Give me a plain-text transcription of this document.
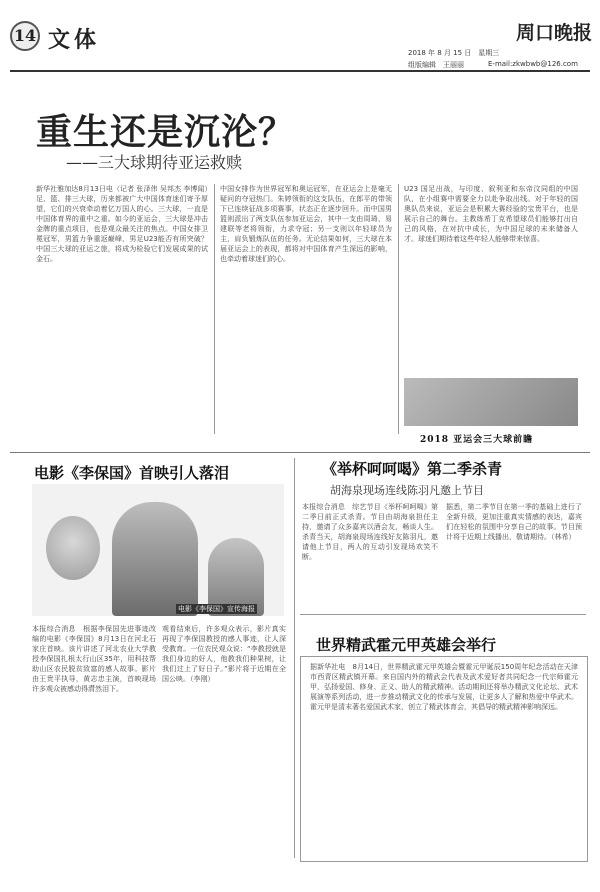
14 文体	2018 年 8 月 15 日　星期三
组版编辑　王丽丽	E-mail:zkwbwb@126.com
周口晚报
重生还是沉沦？
——三大球期待亚运救赎
新华社雅加达8月13日电（记者 张泽伟 吴邦杰 李博闻）足、篮、排三大球，历来都被广大中国体育迷们寄予厚望，它们的兴衰牵动着亿万国人的心。三大球，一直是中国体育界的重中之重。如今的亚运会，三大球是冲击金牌的重点项目，也是观众最关注的焦点。中国女排卫冕冠军，男篮力争重返巅峰，男足U23能否有所突破？中国三大球的亚运之旅，将成为检验它们发展成果的试金石。
中国女排作为世界冠军和奥运冠军，在亚运会上是毫无疑问的夺冠热门。朱婷领衔的这支队伍，在郎平的带领下已连续征战多项赛事，状态正在逐步回升。而中国男篮则派出了两支队伍参加亚运会，其中一支由周琦、易建联等老将领衔，力求夺冠；另一支则以年轻球员为主，肩负锻炼队伍的任务。无论结果如何，三大球在本届亚运会上的表现，都将对中国体育产生深远的影响，也牵动着球迷们的心。
U23 国足出战，与印度、叙利亚和东帝汶同组的中国队，在小组赛中需要全力以赴争取出线。对于年轻的国奥队员来说，亚运会是积累大赛经验的宝贵平台，也是展示自己的舞台。主教练希丁克希望球员们能够打出自己的风格，在对抗中成长，为中国足球的未来储备人才。球迷们期待着这些年轻人能够带来惊喜。
2018 亚运会三大球前瞻
电影《李保国》首映引人落泪
电影《李保国》宣传海报
本报综合消息　根据李保国先进事迹改编的电影《李保国》8月13日在河北石家庄首映。该片讲述了河北农业大学教授李保国扎根太行山区35年，用科技帮助山区农民脱贫致富的感人故事。影片由王贵平执导，黄志忠主演，首映现场许多观众被感动得潸然泪下。
观看结束后，许多观众表示，影片真实再现了李保国教授的感人事迹，让人深受教育。一位农民观众说：“李教授就是我们身边的好人，他教我们种果树，让我们过上了好日子。”影片将于近期在全国公映。（李刚）
《举杯呵呵喝》第二季杀青
胡海泉现场连线陈羽凡邀上节目
本报综合消息　综艺节目《举杯呵呵喝》第二季日前正式杀青。节目由胡海泉担任主持，邀请了众多嘉宾以酒会友，畅谈人生。杀青当天，胡海泉现场连线好友陈羽凡，邀请他上节目，两人的互动引发现场欢笑不断。
据悉，第二季节目在第一季的基础上进行了全新升级，更加注重真实情感的表达，嘉宾们在轻松的氛围中分享自己的故事。节目预计将于近期上线播出，敬请期待。（林希）
世界精武霍元甲英雄会举行
据新华社电　8月14日，世界精武霍元甲英雄会暨霍元甲诞辰150周年纪念活动在天津市西青区精武镇开幕。来自国内外的精武会代表及武术爱好者共同纪念一代宗师霍元甲，弘扬爱国、修身、正义、助人的精武精神。活动期间还将举办精武文化论坛、武术展演等系列活动，进一步推动精武文化的传承与发展，让更多人了解和热爱中华武术。霍元甲是清末著名爱国武术家，创立了精武体育会，其倡导的精武精神影响深远。
